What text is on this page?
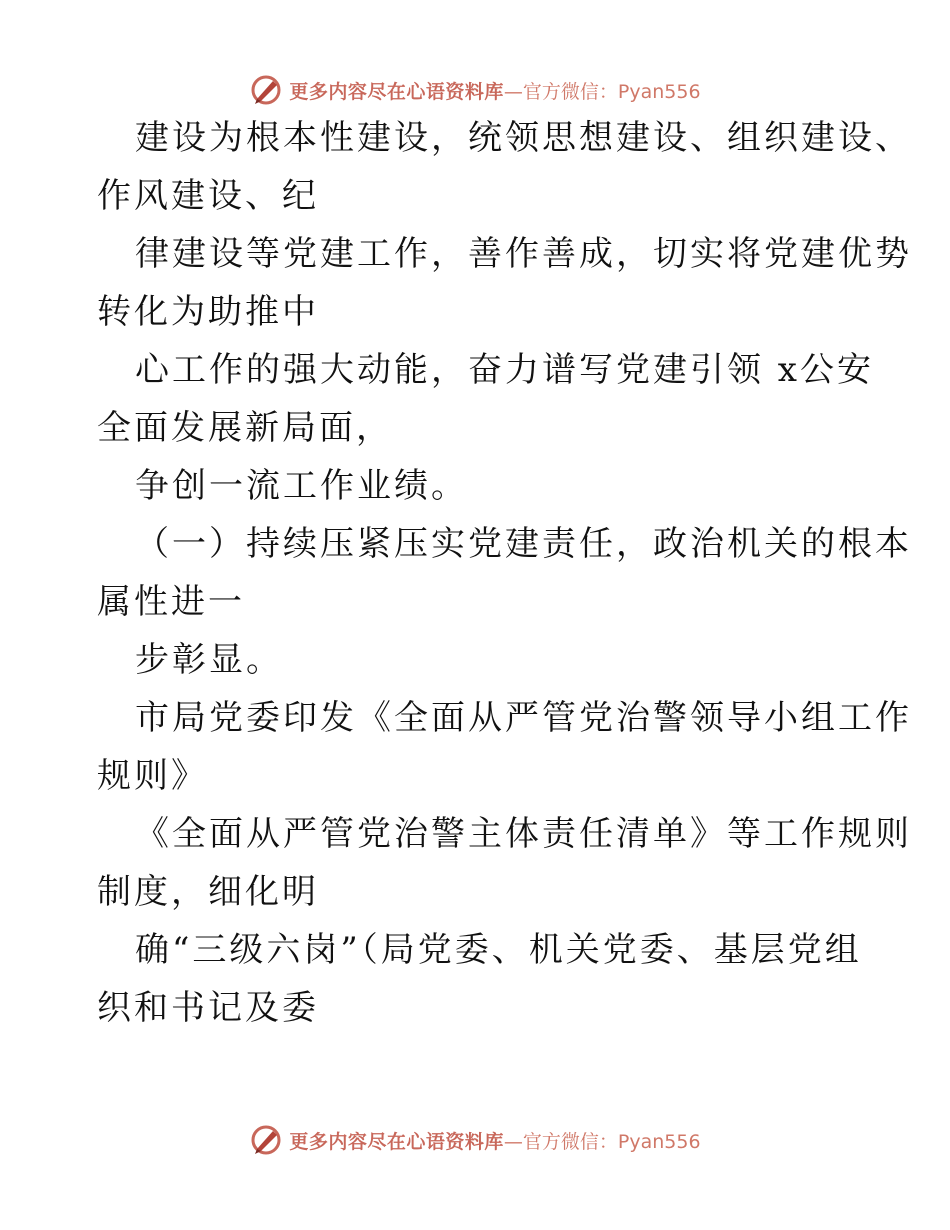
更多内容尽在心语资料库 —官方微信：Pyan556
建设为根本性建设，统领思想建设、组织建设、
作风建设、纪
律建设等党建工作，善作善成，切实将党建优势
转化为助推中
心工作的强大动能，奋力谱写党建引领 x公安
全面发展新局面，
争创一流工作业绩。
（一）持续压紧压实党建责任，政治机关的根本
属性进一
步彰显。
市局党委印发《全面从严管党治警领导小组工作
规则》
《全面从严管党治警主体责任清单》等工作规则
制度，细化明
确“三级六岗”（局党委、机关党委、基层党组
织和书记及委
更多内容尽在心语资料库 —官方微信：Pyan556
